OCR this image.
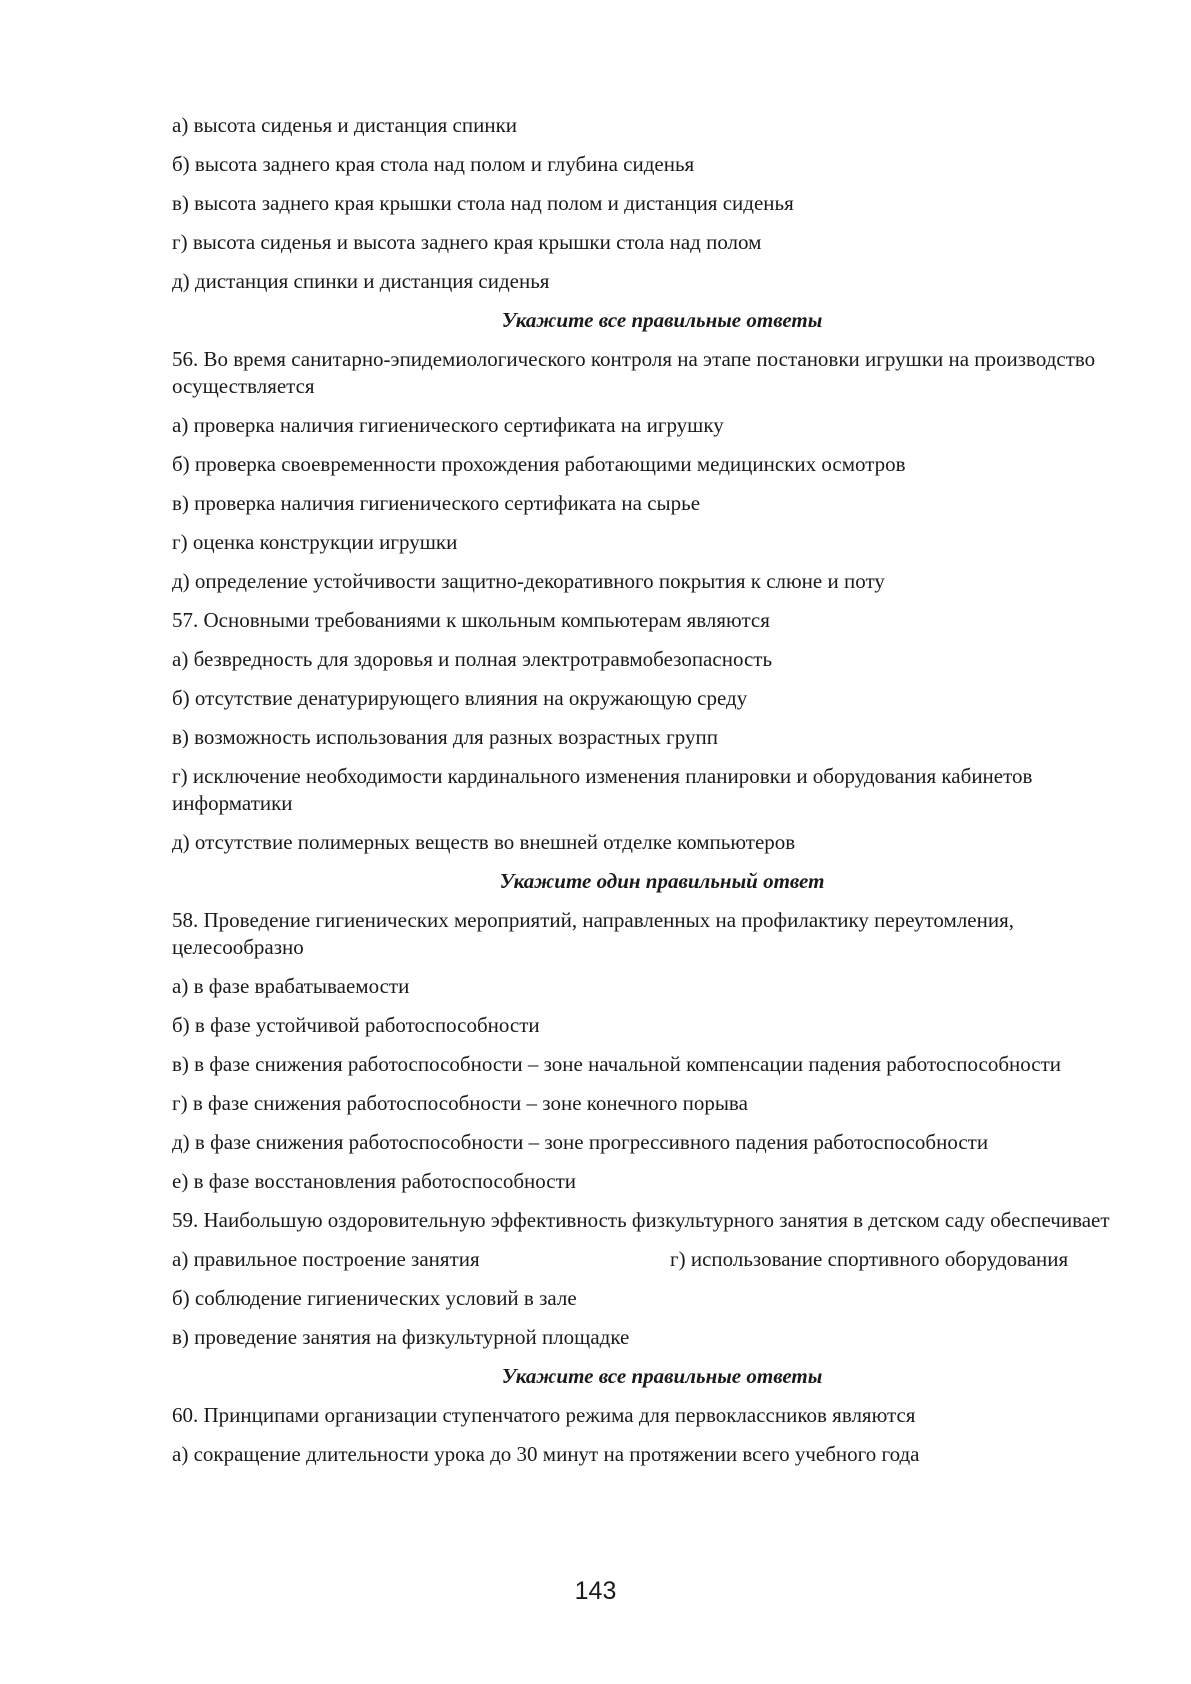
а) высота сиденья и дистанция спинки
б) высота заднего края стола над полом и глубина сиденья
в) высота заднего края крышки стола над полом и дистанция сиденья
г) высота сиденья и высота заднего края крышки стола над полом
д) дистанция спинки и дистанция сиденья
Укажите все правильные ответы
56. Во время санитарно-эпидемиологического контроля на этапе постановки игрушки на производство осуществляется
а) проверка наличия гигиенического сертификата на игрушку
б) проверка своевременности прохождения работающими медицинских осмотров
в) проверка наличия гигиенического сертификата на сырье
г) оценка конструкции игрушки
д) определение устойчивости защитно-декоративного покрытия к слюне и поту
57. Основными требованиями к школьным компьютерам являются
а) безвредность для здоровья и полная электротравмобезопасность
б) отсутствие денатурирующего влияния на окружающую среду
в) возможность использования для разных возрастных групп
г) исключение необходимости кардинального изменения планировки и оборудования кабинетов информатики
д) отсутствие полимерных веществ во внешней отделке компьютеров
Укажите один правильный ответ
58. Проведение гигиенических мероприятий, направленных на профилактику переутомления, целесообразно
а) в фазе врабатываемости
б) в фазе устойчивой работоспособности
в) в фазе снижения работоспособности – зоне начальной компенсации падения работоспособности
г) в фазе снижения работоспособности – зоне конечного порыва
д) в фазе снижения работоспособности – зоне прогрессивного падения работоспособности
е) в фазе восстановления работоспособности
59. Наибольшую оздоровительную эффективность физкультурного занятия в детском саду обеспечивает
а) правильное построение занятия	г) использование спортивного оборудования
б) соблюдение гигиенических условий в зале
в) проведение занятия на физкультурной площадке
Укажите все правильные ответы
60. Принципами организации ступенчатого режима для первоклассников являются
а) сокращение длительности урока до 30 минут на протяжении всего учебного года
143
